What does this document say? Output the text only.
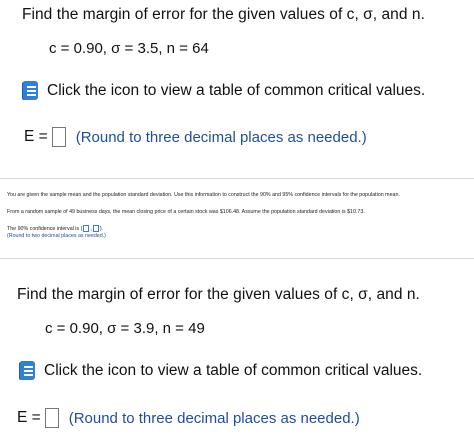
Find the margin of error for the given values of c, σ, and n.
c = 0.90, σ = 3.5, n = 64
Click the icon to view a table of common critical values.
E = (Round to three decimal places as needed.)
You are given the sample mean and the population standard deviation. Use this information to construct the 90% and 95% confidence intervals for the population mean.
From a random sample of 49 business days, the mean closing price of a certain stock was $106.48. Assume the population standard deviation is $10.73.
The 90% confidence interval is ( , ).
(Round to two decimal places as needed.)
Find the margin of error for the given values of c, σ, and n.
c = 0.90, σ = 3.9, n = 49
Click the icon to view a table of common critical values.
E = (Round to three decimal places as needed.)
